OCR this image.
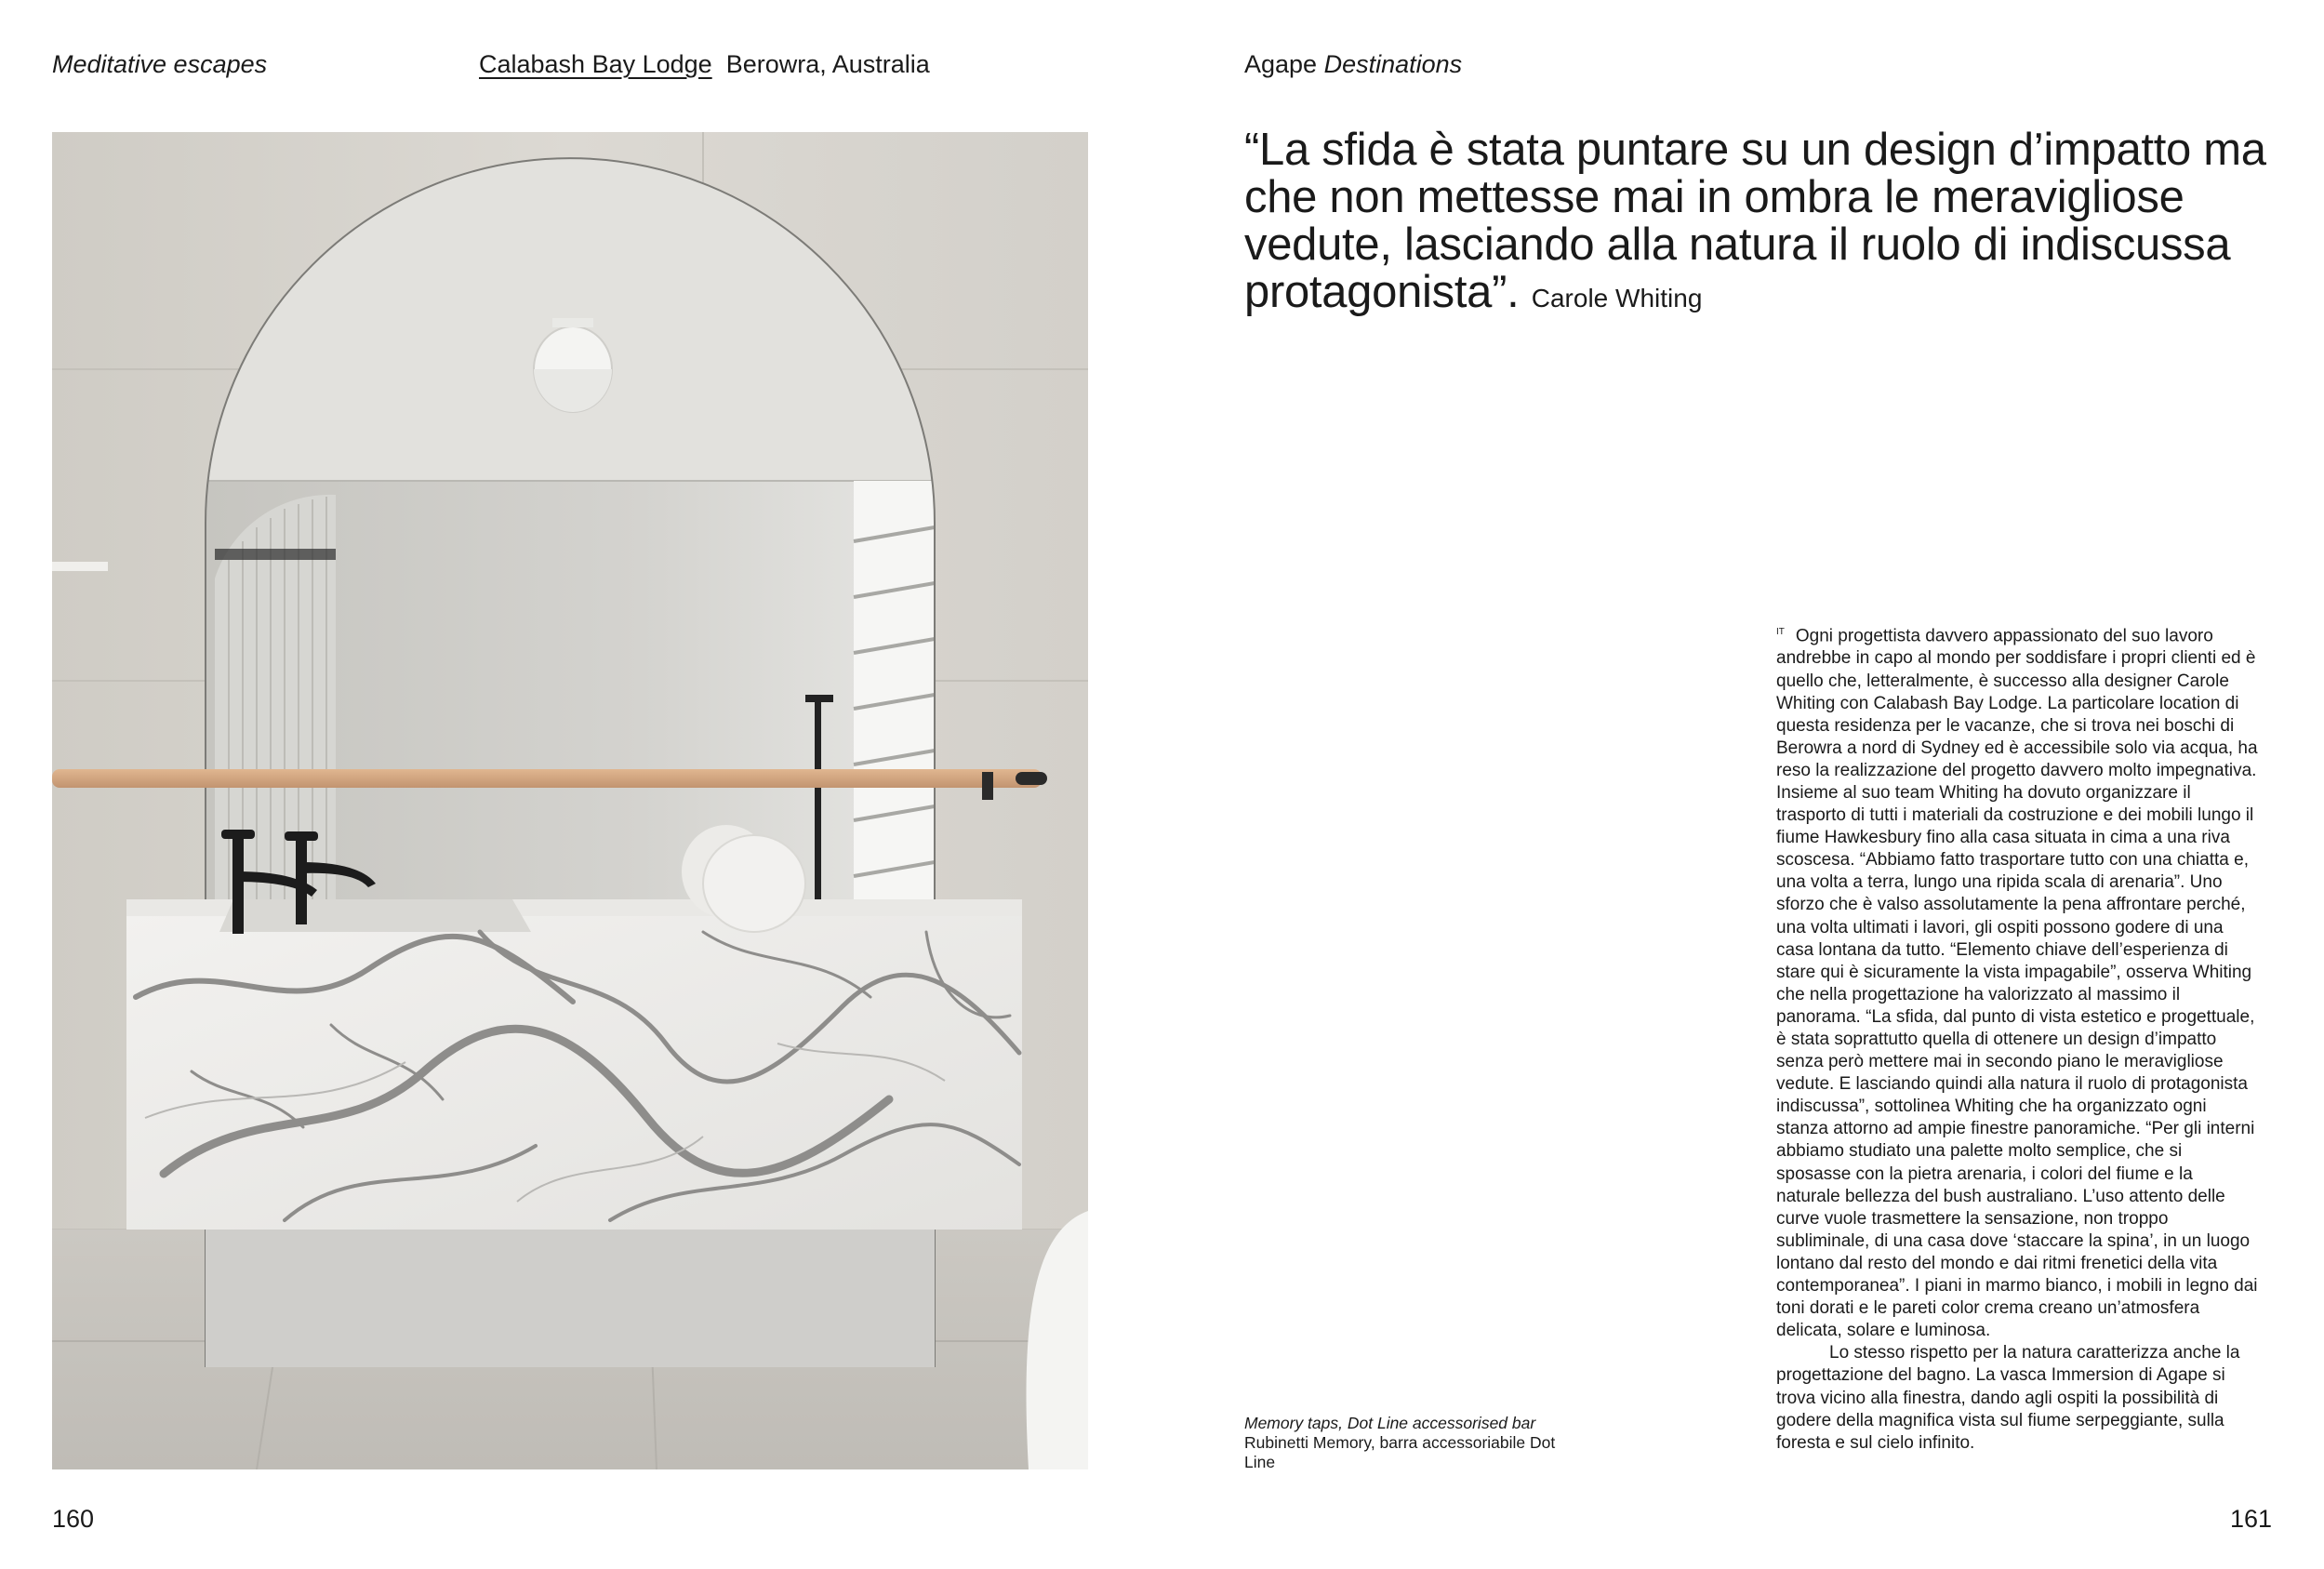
Meditative escapes	Calabash Bay Lodge Berowra, Australia	Agape Destinations
“La sfida è stata puntare su un design d’impatto ma che non mettesse mai in ombra le meravigliose vedute, lasciando alla natura il ruolo di indiscussa protagonista”. Carole Whiting
Memory taps, Dot Line accessorised bar
Rubinetti Memory, barra accessoriabile Dot Line

$^{IT}$ Ogni progettista davvero appassionato del suo lavoro andrebbe in capo al mondo per soddisfare i propri clienti ed è quello che, letteralmente, è successo alla designer Carole Whiting con Calabash Bay Lodge. La particolare location di questa residenza per le vacanze, che si trova nei boschi di Berowra a nord di Sydney ed è accessibile solo via acqua, ha reso la realizzazione del progetto davvero molto impegnativa. Insieme al suo team Whiting ha dovuto organizzare il trasporto di tutti i materiali da costruzione e dei mobili lungo il fiume Hawkesbury fino alla casa situata in cima a una riva scoscesa. “Abbiamo fatto trasportare tutto con una chiatta e, una volta a terra, lungo una ripida scala di arenaria”. Uno sforzo che è valso assolutamente la pena affrontare perché, una volta ultimati i lavori, gli ospiti possono godere di una casa lontana da tutto. “Elemento chiave dell’esperienza di stare qui è sicuramente la vista impagabile”, osserva Whiting che nella progettazione ha valorizzato al massimo il panorama. “La sfida, dal punto di vista estetico e progettuale, è stata soprattutto quella di ottenere un design d’impatto senza però mettere mai in secondo piano le meravigliose vedute. E lasciando quindi alla natura il ruolo di protagonista indiscussa”, sottolinea Whiting che ha organizzato ogni stanza attorno ad ampie finestre panoramiche. “Per gli interni abbiamo studiato una palette molto semplice, che si sposasse con la pietra arenaria, i colori del fiume e la naturale bellezza del bush australiano. L’uso attento delle curve vuole trasmettere la sensazione, non troppo subliminale, di una casa dove ‘staccare la spina’, in un luogo lontano dal resto del mondo e dai ritmi frenetici della vita contemporanea”. I piani in marmo bianco, i mobili in legno dai toni dorati e le pareti color crema creano un’atmosfera delicata, solare e luminosa.

Lo stesso rispetto per la natura caratterizza anche la progettazione del bagno. La vasca Immersion di Agape si trova vicino alla finestra, dando agli ospiti la possibilità di godere della magnifica vista sul fiume serpeggiante, sulla foresta e sul cielo infinito.

160	161
